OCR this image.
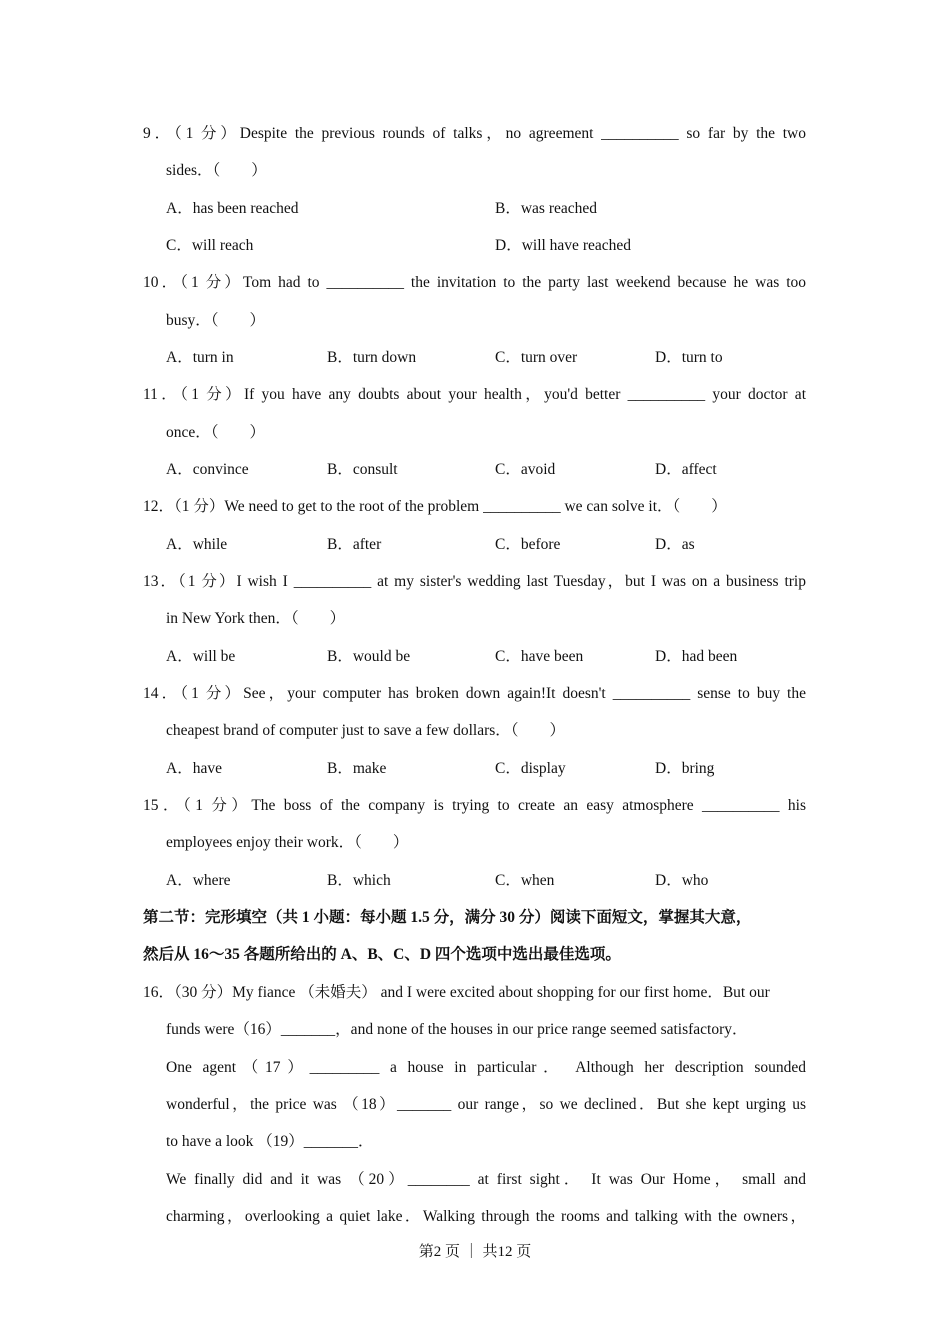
9．（1 分）Despite the previous rounds of talks，no agreement __________ so far by the two
sides．（　　）
A．has been reached	B．was reached
C．will reach	D．will have reached
10．（1 分）Tom had to __________ the invitation to the party last weekend because he was too
busy．（　　）
A．turn in	B．turn down	C．turn over	D．turn to
11．（1 分）If you have any doubts about your health，you'd better __________ your doctor at
once．（　　）
A．convince	B．consult	C．avoid	D．affect
12．（1 分）We need to get to the root of the problem __________ we can solve it．（　　）
A．while	B．after	C．before	D．as
13．（1 分）I wish I __________ at my sister's wedding last Tuesday，but I was on a business trip
in New York then．（　　）
A．will be	B．would be	C．have been	D．had been
14．（1 分）See，your computer has broken down again!It doesn't __________ sense to buy the
cheapest brand of computer just to save a few dollars．（　　）
A．have	B．make	C．display	D．bring
15．（1 分）The boss of the company is trying to create an easy atmosphere __________ his
employees enjoy their work．（　　）
A．where	B．which	C．when	D．who
第二节：完形填空（共 1 小题：每小题 1.5 分，满分 30 分）阅读下面短文，掌握其大意，
然后从 16～35 各题所给出的 A、B、C、D 四个选项中选出最佳选项。
16．（30 分）My fiance （未婚夫） and I were excited about shopping for our first home．But our
funds were（16）_______，and none of the houses in our price range seemed satisfactory．
One agent（17）_________ a house in particular． Although her description sounded
wonderful，the price was （18）_______ our range，so we declined．But she kept urging us
to have a look （19）_______．
We finally did and it was （20）________ at first sight． It was Our Home， small and
charming，overlooking a quiet lake．Walking through the rooms and talking with the owners，
第2 页 ｜ 共12 页
